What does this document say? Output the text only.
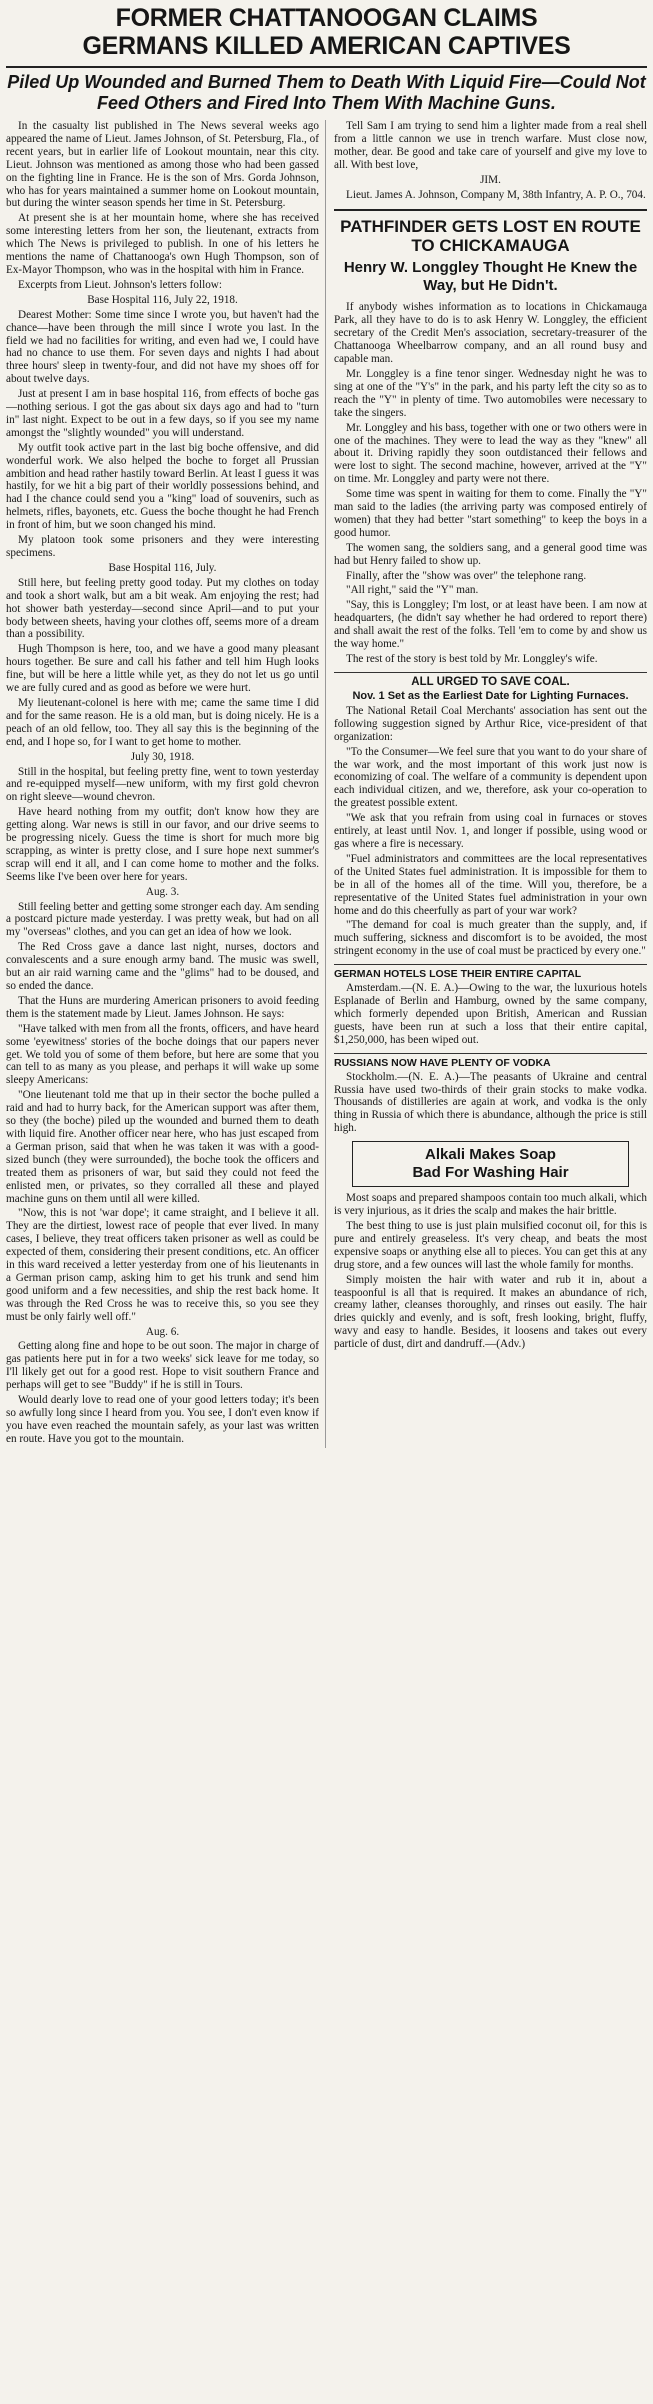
FORMER CHATTANOOGAN CLAIMS
GERMANS KILLED AMERICAN CAPTIVES
Piled Up Wounded and Burned Them to Death With Liquid Fire—Could Not Feed Others and Fired Into Them With Machine Guns.

In the casualty list published in The News several weeks ago appeared the name of Lieut. James Johnson, of St. Petersburg, Fla., of recent years, but in earlier life of Lookout mountain, near this city. Lieut. Johnson was mentioned as among those who had been gassed on the fighting line in France. He is the son of Mrs. Gorda Johnson, who has for years maintained a summer home on Lookout mountain, but during the winter season spends her time in St. Petersburg.

At present she is at her mountain home, where she has received some interesting letters from her son, the lieutenant, extracts from which The News is privileged to publish. In one of his letters he mentions the name of Chattanooga's own Hugh Thompson, son of Ex-Mayor Thompson, who was in the hospital with him in France.

Excerpts from Lieut. Johnson's letters follow:

Base Hospital 116, July 22, 1918.

Dearest Mother: Some time since I wrote you, but haven't had the chance—have been through the mill since I wrote you last. In the field we had no facilities for writing, and even had we, I could have had no chance to use them. For seven days and nights I had about three hours' sleep in twenty-four, and did not have my shoes off for about twelve days.

Just at present I am in base hospital 116, from effects of boche gas—nothing serious. I got the gas about six days ago and had to "turn in" last night. Expect to be out in a few days, so if you see my name amongst the "slightly wounded" you will understand.

My outfit took active part in the last big boche offensive, and did wonderful work. We also helped the boche to forget all Prussian ambition and head rather hastily toward Berlin. At least I guess it was hastily, for we hit a big part of their worldly possessions behind, and had I the chance could send you a "king" load of souvenirs, such as helmets, rifles, bayonets, etc. Guess the boche thought he had French in front of him, but we soon changed his mind.

My platoon took some prisoners and they were interesting specimens.

Base Hospital 116, July.

Still here, but feeling pretty good today. Put my clothes on today and took a short walk, but am a bit weak. Am enjoying the rest; had hot shower bath yesterday—second since April—and to put your body between sheets, having your clothes off, seems more of a dream than a possibility.

Hugh Thompson is here, too, and we have a good many pleasant hours together. Be sure and call his father and tell him Hugh looks fine, but will be here a little while yet, as they do not let us go until we are fully cured and as good as before we were hurt.

My lieutenant-colonel is here with me; came the same time I did and for the same reason. He is a old man, but is doing nicely. He is a peach of an old fellow, too. They all say this is the beginning of the end, and I hope so, for I want to get home to mother.

July 30, 1918.

Still in the hospital, but feeling pretty fine, went to town yesterday and re-equipped myself—new uniform, with my first gold chevron on right sleeve—wound chevron.

Have heard nothing from my outfit; don't know how they are getting along. War news is still in our favor, and our drive seems to be progressing nicely. Guess the time is short for much more big scrapping, as winter is pretty close, and I sure hope next summer's scrap will end it all, and I can come home to mother and the folks. Seems like I've been over here for years.

Aug. 3.

Still feeling better and getting some stronger each day. Am sending a postcard picture made yesterday. I was pretty weak, but had on all my "overseas" clothes, and you can get an idea of how we look.

The Red Cross gave a dance last night, nurses, doctors and convalescents and a sure enough army band. The music was swell, but an air raid warning came and the "glims" had to be doused, and so ended the dance.

That the Huns are murdering American prisoners to avoid feeding them is the statement made by Lieut. James Johnson. He says:

"Have talked with men from all the fronts, officers, and have heard some 'eyewitness' stories of the boche doings that our papers never get. We told you of some of them before, but here are some that you can tell to as many as you please, and perhaps it will wake up some sleepy Americans:

"One lieutenant told me that up in their sector the boche pulled a raid and had to hurry back, for the American support was after them, so they (the boche) piled up the wounded and burned them to death with liquid fire. Another officer near here, who has just escaped from a German prison, said that when he was taken it was with a good-sized bunch (they were surrounded), the boche took the officers and treated them as prisoners of war, but said they could not feed the enlisted men, or privates, so they corralled all these and played machine guns on them until all were killed.

"Now, this is not 'war dope'; it came straight, and I believe it all. They are the dirtiest, lowest race of people that ever lived. In many cases, I believe, they treat officers taken prisoner as well as could be expected of them, considering their present conditions, etc. An officer in this ward received a letter yesterday from one of his lieutenants in a German prison camp, asking him to get his trunk and send him good uniform and a few necessities, and ship the rest back home. It was through the Red Cross he was to receive this, so you see they must be only fairly well off."

Aug. 6.

Getting along fine and hope to be out soon. The major in charge of gas patients here put in for a two weeks' sick leave for me today, so I'll likely get out for a good rest. Hope to visit southern France and perhaps will get to see "Buddy" if he is still in Tours.

Would dearly love to read one of your good letters today; it's been so awfully long since I heard from you. You see, I don't even know if you have even reached the mountain safely, as your last was written en route. Have you got to the mountain.

Tell Sam I am trying to send him a lighter made from a real shell from a little cannon we use in trench warfare. Must close now, mother, dear. Be good and take care of yourself and give my love to all. With best love,

JIM.

Lieut. James A. Johnson, Company M, 38th Infantry, A. P. O., 704.

PATHFINDER GETS LOST EN ROUTE TO CHICKAMAUGA
Henry W. Longgley Thought He Knew the Way, but He Didn't.

If anybody wishes information as to locations in Chickamauga Park, all they have to do is to ask Henry W. Longgley, the efficient secretary of the Credit Men's association, secretary-treasurer of the Chattanooga Wheelbarrow company, and an all round busy and capable man.

Mr. Longgley is a fine tenor singer. Wednesday night he was to sing at one of the "Y's" in the park, and his party left the city so as to reach the "Y" in plenty of time. Two automobiles were necessary to take the singers.

Mr. Longgley and his bass, together with one or two others were in one of the machines. They were to lead the way as they "knew" all about it. Driving rapidly they soon outdistanced their fellows and were lost to sight. The second machine, however, arrived at the "Y" on time. Mr. Longgley and party were not there.

Some time was spent in waiting for them to come. Finally the "Y" man said to the ladies (the arriving party was composed entirely of women) that they had better "start something" to keep the boys in a good humor.

The women sang, the soldiers sang, and a general good time was had but Henry failed to show up.

Finally, after the "show was over" the telephone rang.

"All right," said the "Y" man.

"Say, this is Longgley; I'm lost, or at least have been. I am now at headquarters, (he didn't say whether he had ordered to report there) and shall await the rest of the folks. Tell 'em to come by and show us the way home."

The rest of the story is best told by Mr. Longgley's wife.

ALL URGED TO SAVE COAL.
Nov. 1 Set as the Earliest Date for Lighting Furnaces.

The National Retail Coal Merchants' association has sent out the following suggestion signed by Arthur Rice, vice-president of that organization:

"To the Consumer—We feel sure that you want to do your share of the war work, and the most important of this work just now is economizing of coal. The welfare of a community is dependent upon each individual citizen, and we, therefore, ask your co-operation to the greatest possible extent.

"We ask that you refrain from using coal in furnaces or stoves entirely, at least until Nov. 1, and longer if possible, using wood or gas where a fire is necessary.

"Fuel administrators and committees are the local representatives of the United States fuel administration. It is impossible for them to be in all of the homes all of the time. Will you, therefore, be a representative of the United States fuel administration in your own home and do this cheerfully as part of your war work?

"The demand for coal is much greater than the supply, and, if much suffering, sickness and discomfort is to be avoided, the most stringent economy in the use of coal must be practiced by every one."

GERMAN HOTELS LOSE THEIR ENTIRE CAPITAL

Amsterdam.—(N. E. A.)—Owing to the war, the luxurious hotels Esplanade of Berlin and Hamburg, owned by the same company, which formerly depended upon British, American and Russian guests, have been run at such a loss that their entire capital, $1,250,000, has been wiped out.

RUSSIANS NOW HAVE PLENTY OF VODKA

Stockholm.—(N. E. A.)—The peasants of Ukraine and central Russia have used two-thirds of their grain stocks to make vodka. Thousands of distilleries are again at work, and vodka is the only thing in Russia of which there is abundance, although the price is still high.

Alkali Makes Soap
Bad For Washing Hair

Most soaps and prepared shampoos contain too much alkali, which is very injurious, as it dries the scalp and makes the hair brittle.

The best thing to use is just plain mulsified coconut oil, for this is pure and entirely greaseless. It's very cheap, and beats the most expensive soaps or anything else all to pieces. You can get this at any drug store, and a few ounces will last the whole family for months.

Simply moisten the hair with water and rub it in, about a teaspoonful is all that is required. It makes an abundance of rich, creamy lather, cleanses thoroughly, and rinses out easily. The hair dries quickly and evenly, and is soft, fresh looking, bright, fluffy, wavy and easy to handle. Besides, it loosens and takes out every particle of dust, dirt and dandruff.—(Adv.)
